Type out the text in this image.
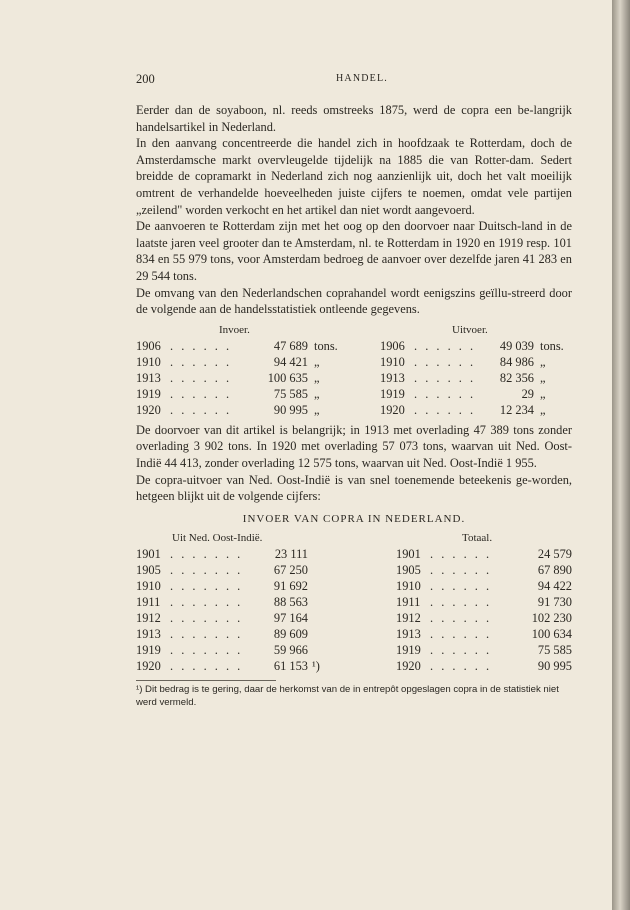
200	HANDEL.

Eerder dan de soyaboon, nl. reeds omstreeks 1875, werd de copra een be-langrijk handelsartikel in Nederland.

In den aanvang concentreerde die handel zich in hoofdzaak te Rotterdam, doch de Amsterdamsche markt overvleugelde tijdelijk na 1885 die van Rotter-dam. Sedert breidde de copramarkt in Nederland zich nog aanzienlijk uit, doch het valt moeilijk omtrent de verhandelde hoeveelheden juiste cijfers te noemen, omdat vele partijen „zeilend" worden verkocht en het artikel dan niet wordt aangevoerd.

De aanvoeren te Rotterdam zijn met het oog op den doorvoer naar Duitsch-land in de laatste jaren veel grooter dan te Amsterdam, nl. te Rotterdam in 1920 en 1919 resp. 101 834 en 55 979 tons, voor Amsterdam bedroeg de aanvoer over dezelfde jaren 41 283 en 29 544 tons.

De omvang van den Nederlandschen coprahandel wordt eenigszins geïllu-streerd door de volgende aan de handelsstatistiek ontleende gegevens.

Invoer.
1906 . . . . . .	47 689 tons.
1910 . . . . . .	94 421 „
1913 . . . . . .	100 635 „
1919 . . . . . .	75 585 „
1920 . . . . . .	90 995 „
Uitvoer.
1906 . . . . . . 49 039 tons.
1910 . . . . . . 84 986 „
1913 . . . . . . 82 356 „
1919 . . . . . .	29 „
1920 . . . . . . 12 234 „

De doorvoer van dit artikel is belangrijk; in 1913 met overlading 47 389 tons zonder overlading 3 902 tons. In 1920 met overlading 57 073 tons, waarvan uit Ned. Oost-Indië 44 413, zonder overlading 12 575 tons, waarvan uit Ned. Oost-Indië 1 955.

De copra-uitvoer van Ned. Oost-Indië is van snel toenemende beteekenis ge-worden, hetgeen blijkt uit de volgende cijfers:

INVOER VAN COPRA IN NEDERLAND.
Uit Ned. Oost-Indië.
1901 . . . . . . .	23 111
1905 . . . . . . .	67 250
1910 . . . . . . .	91 692
1911 . . . . . . .	88 563
1912 . . . . . . .	97 164
1913 . . . . . . .	89 609
1919 . . . . . . .	59 966
1920 . . . . . . .	61 153 ¹)
Totaal.
1901 . . . . . .	24 579
1905 . . . . . .	67 890
1910 . . . . . .	94 422
1911 . . . . . .	91 730
1912 . . . . . .	102 230
1913 . . . . . .	100 634
1919 . . . . . .	75 585
1920 . . . . . .	90 995
¹) Dit bedrag is te gering, daar de herkomst van de in entrepôt opgeslagen copra in de statistiek niet werd vermeld.
